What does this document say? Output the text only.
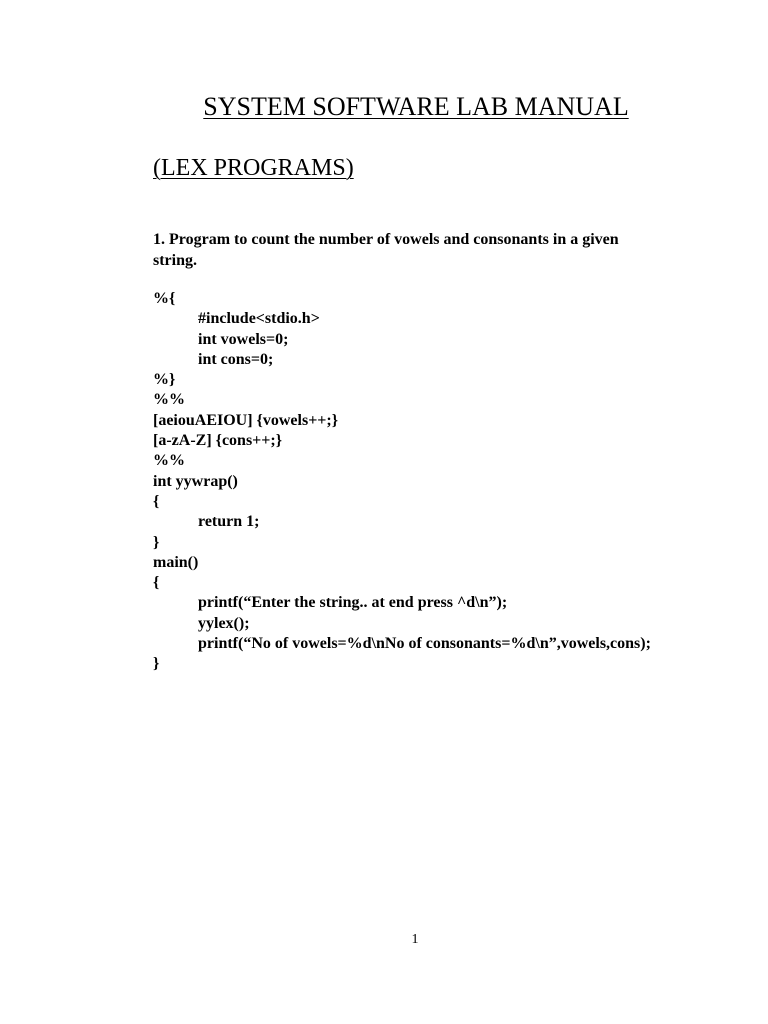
SYSTEM SOFTWARE LAB MANUAL
(LEX PROGRAMS)

1. Program to count the number of vowels and consonants in a given string.

%{
#include<stdio.h>
int vowels=0;
int cons=0;
%}
%%
[aeiouAEIOU] {vowels++;}
[a-zA-Z] {cons++;}
%%
int yywrap()
{
return 1;
}
main()
{
printf(“Enter the string.. at end press ^d\n”);
yylex();
printf(“No of vowels=%d\nNo of consonants=%d\n”,vowels,cons);
}

1
